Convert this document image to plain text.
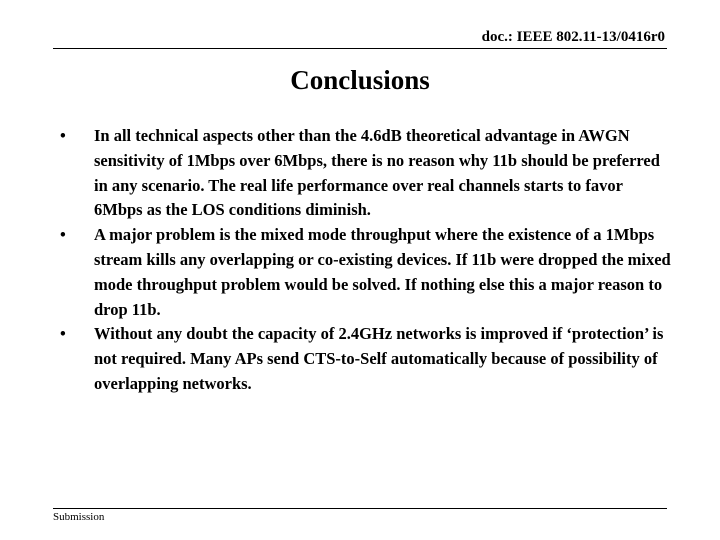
doc.: IEEE 802.11-13/0416r0
Conclusions
•	In all technical aspects other than the 4.6dB theoretical advantage in AWGN sensitivity of 1Mbps over 6Mbps, there is no reason why 11b should be preferred in any scenario. The real life performance over real channels starts to favor 6Mbps as the LOS conditions diminish.
•	A major problem is the mixed mode throughput where the existence of a 1Mbps stream kills any overlapping or co-existing devices. If 11b were dropped the mixed mode throughput problem would be solved. If nothing else this a major reason to drop 11b.
•	Without any doubt the capacity of 2.4GHz networks is improved if ‘protection’ is not required. Many APs send CTS-to-Self automatically because of possibility of overlapping networks.
Submission
